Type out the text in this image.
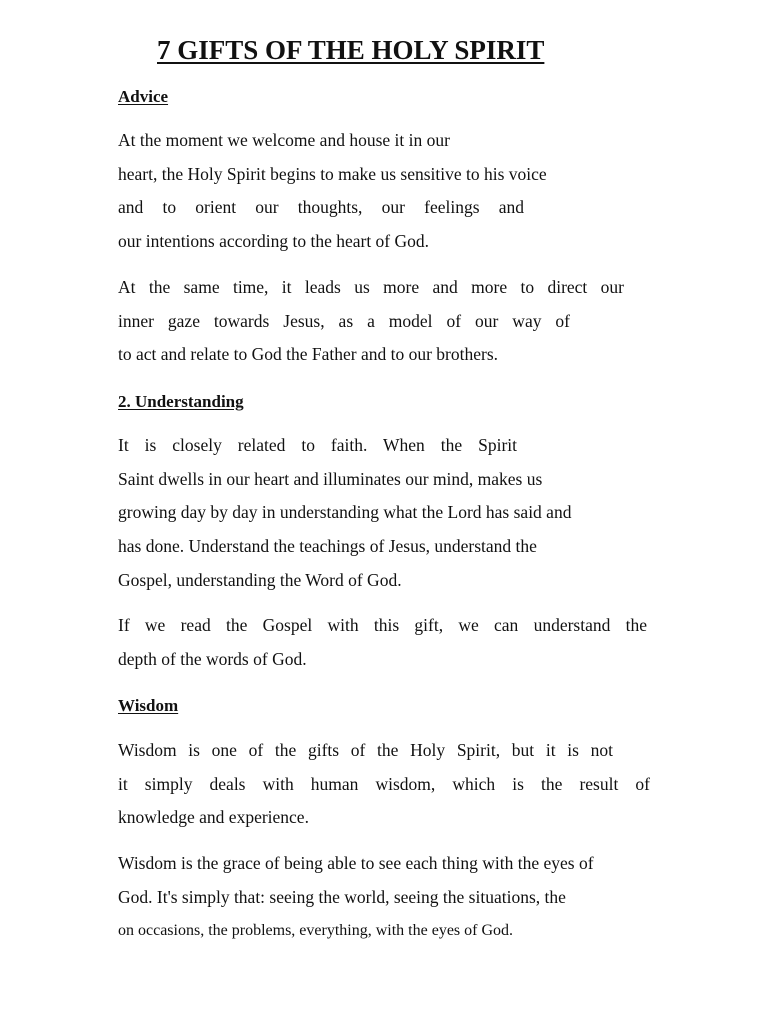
7 GIFTS OF THE HOLY SPIRIT
Advice
At the moment we welcome and house it in our
heart, the Holy Spirit begins to make us sensitive to his voice
and to orient our thoughts, our feelings and
our intentions according to the heart of God.
At the same time, it leads us more and more to direct our
inner gaze towards Jesus, as a model of our way of
to act and relate to God the Father and to our brothers.
2. Understanding
It is closely related to faith. When the Spirit
Saint dwells in our heart and illuminates our mind, makes us
growing day by day in understanding what the Lord has said and
has done. Understand the teachings of Jesus, understand the
Gospel, understanding the Word of God.
If we read the Gospel with this gift, we can understand the
depth of the words of God.
Wisdom
Wisdom is one of the gifts of the Holy Spirit, but it is not
it simply deals with human wisdom, which is the result of
knowledge and experience.
Wisdom is the grace of being able to see each thing with the eyes of
God. It's simply that: seeing the world, seeing the situations, the
on occasions, the problems, everything, with the eyes of God.
